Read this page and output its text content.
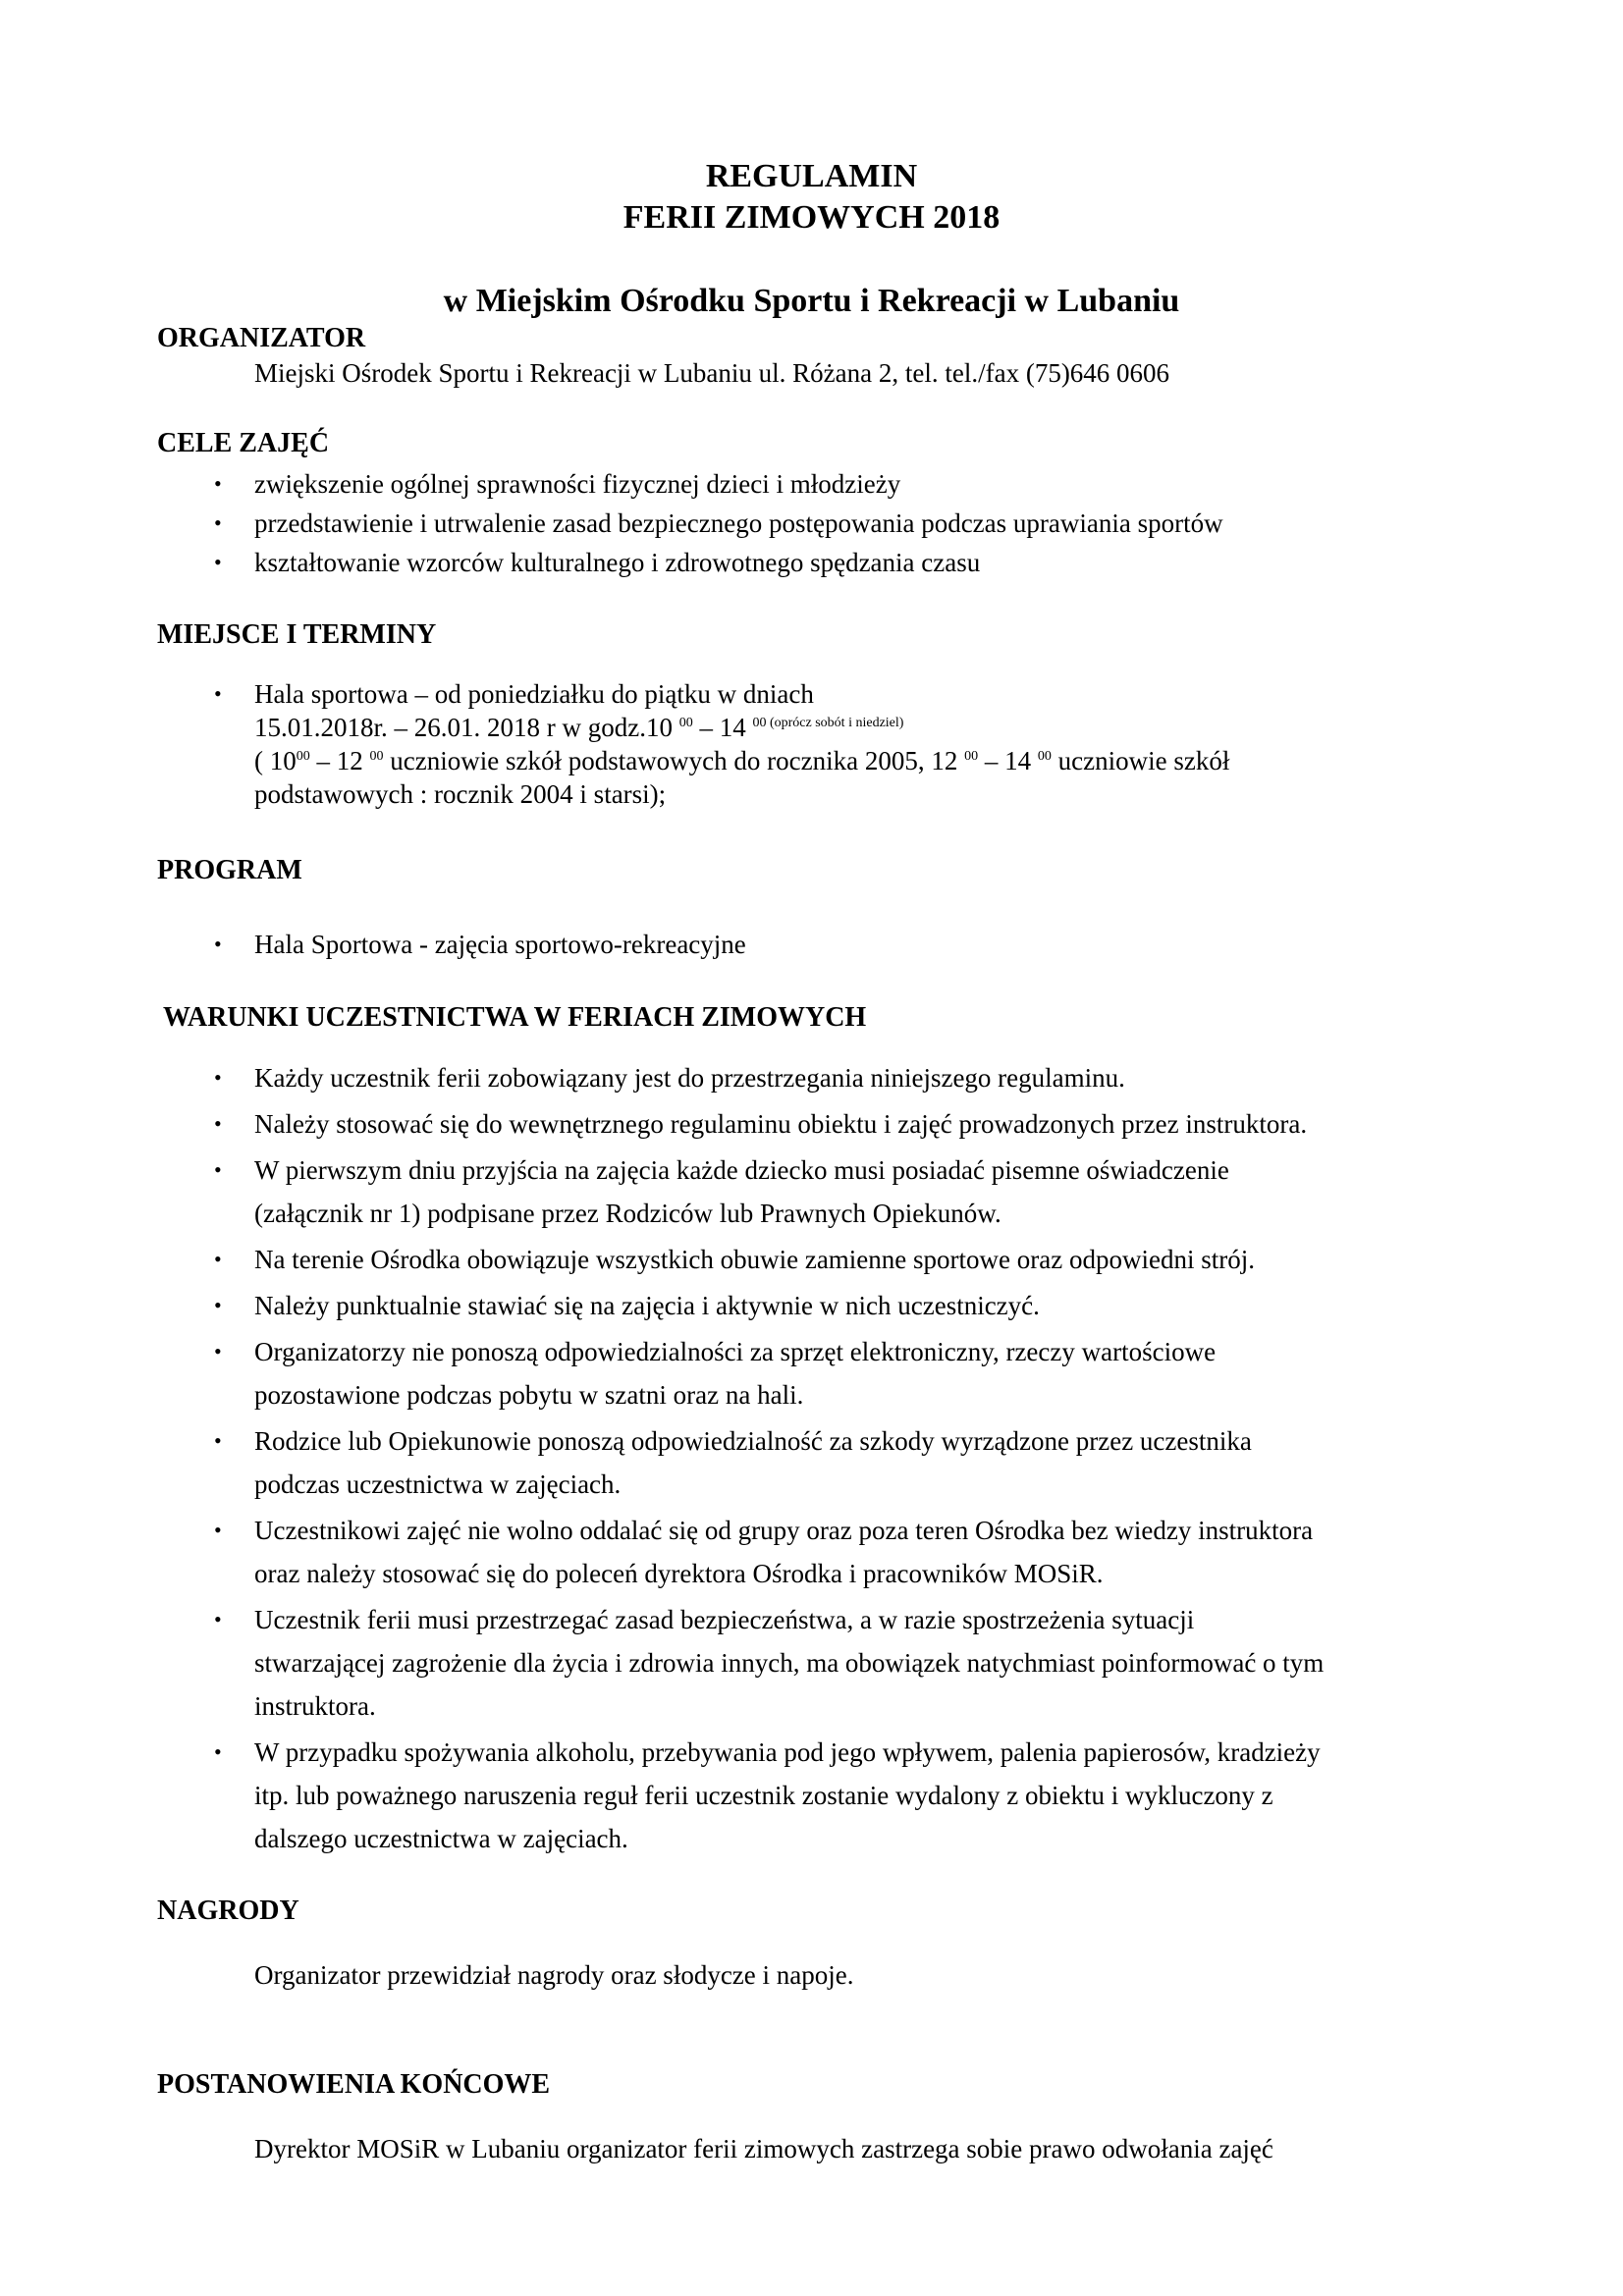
REGULAMIN
FERII ZIMOWYCH 2018
w Miejskim Ośrodku Sportu i Rekreacji w Lubaniu
ORGANIZATOR

Miejski Ośrodek Sportu i Rekreacji w Lubaniu ul. Różana 2, tel. tel./fax (75)646 0606

CELE ZAJĘĆ
• zwiększenie ogólnej sprawności fizycznej dzieci i młodzieży
• przedstawienie i utrwalenie zasad bezpiecznego postępowania podczas uprawiania sportów
• kształtowanie wzorców kulturalnego i zdrowotnego spędzania czasu
MIEJSCE I TERMINY
• Hala sportowa – od poniedziałku do piątku w dniach
15.01.2018r. – 26.01. 2018 r w godz.10 $^{00}$ – 14 $^{00 (oprócz sobót i niedziel)}$
( $10^{00} - 12$ $^{00}$ uczniowie szkół podstawowych do rocznika 2005, 12 $^{00}$ – 14 $^{00}$ uczniowie szkół
podstawowych : rocznik 2004 i starsi);
PROGRAM
• Hala Sportowa - zajęcia sportowo-rekreacyjne
WARUNKI UCZESTNICTWA W FERIACH ZIMOWYCH
• Każdy uczestnik ferii zobowiązany jest do przestrzegania niniejszego regulaminu.
• Należy stosować się do wewnętrznego regulaminu obiektu i zajęć prowadzonych przez instruktora.
• W pierwszym dniu przyjścia na zajęcia każde dziecko musi posiadać pisemne oświadczenie
(załącznik nr 1) podpisane przez Rodziców lub Prawnych Opiekunów.
• Na terenie Ośrodka obowiązuje wszystkich obuwie zamienne sportowe oraz odpowiedni strój.
• Należy punktualnie stawiać się na zajęcia i aktywnie w nich uczestniczyć.
• Organizatorzy nie ponoszą odpowiedzialności za sprzęt elektroniczny, rzeczy wartościowe
pozostawione podczas pobytu w szatni oraz na hali.
• Rodzice lub Opiekunowie ponoszą odpowiedzialność za szkody wyrządzone przez uczestnika
podczas uczestnictwa w zajęciach.
• Uczestnikowi zajęć nie wolno oddalać się od grupy oraz poza teren Ośrodka bez wiedzy instruktora
oraz należy stosować się do poleceń dyrektora Ośrodka i pracowników MOSiR.
• Uczestnik ferii musi przestrzegać zasad bezpieczeństwa, a w razie spostrzeżenia sytuacji
stwarzającej zagrożenie dla życia i zdrowia innych, ma obowiązek natychmiast poinformować o tym
instruktora.
• W przypadku spożywania alkoholu, przebywania pod jego wpływem, palenia papierosów, kradzieży
itp. lub poważnego naruszenia reguł ferii uczestnik zostanie wydalony z obiektu i wykluczony z
dalszego uczestnictwa w zajęciach.
NAGRODY

Organizator przewidział nagrody oraz słodycze i napoje.

POSTANOWIENIA KOŃCOWE

Dyrektor MOSiR w Lubaniu organizator ferii zimowych zastrzega sobie prawo odwołania zajęć
